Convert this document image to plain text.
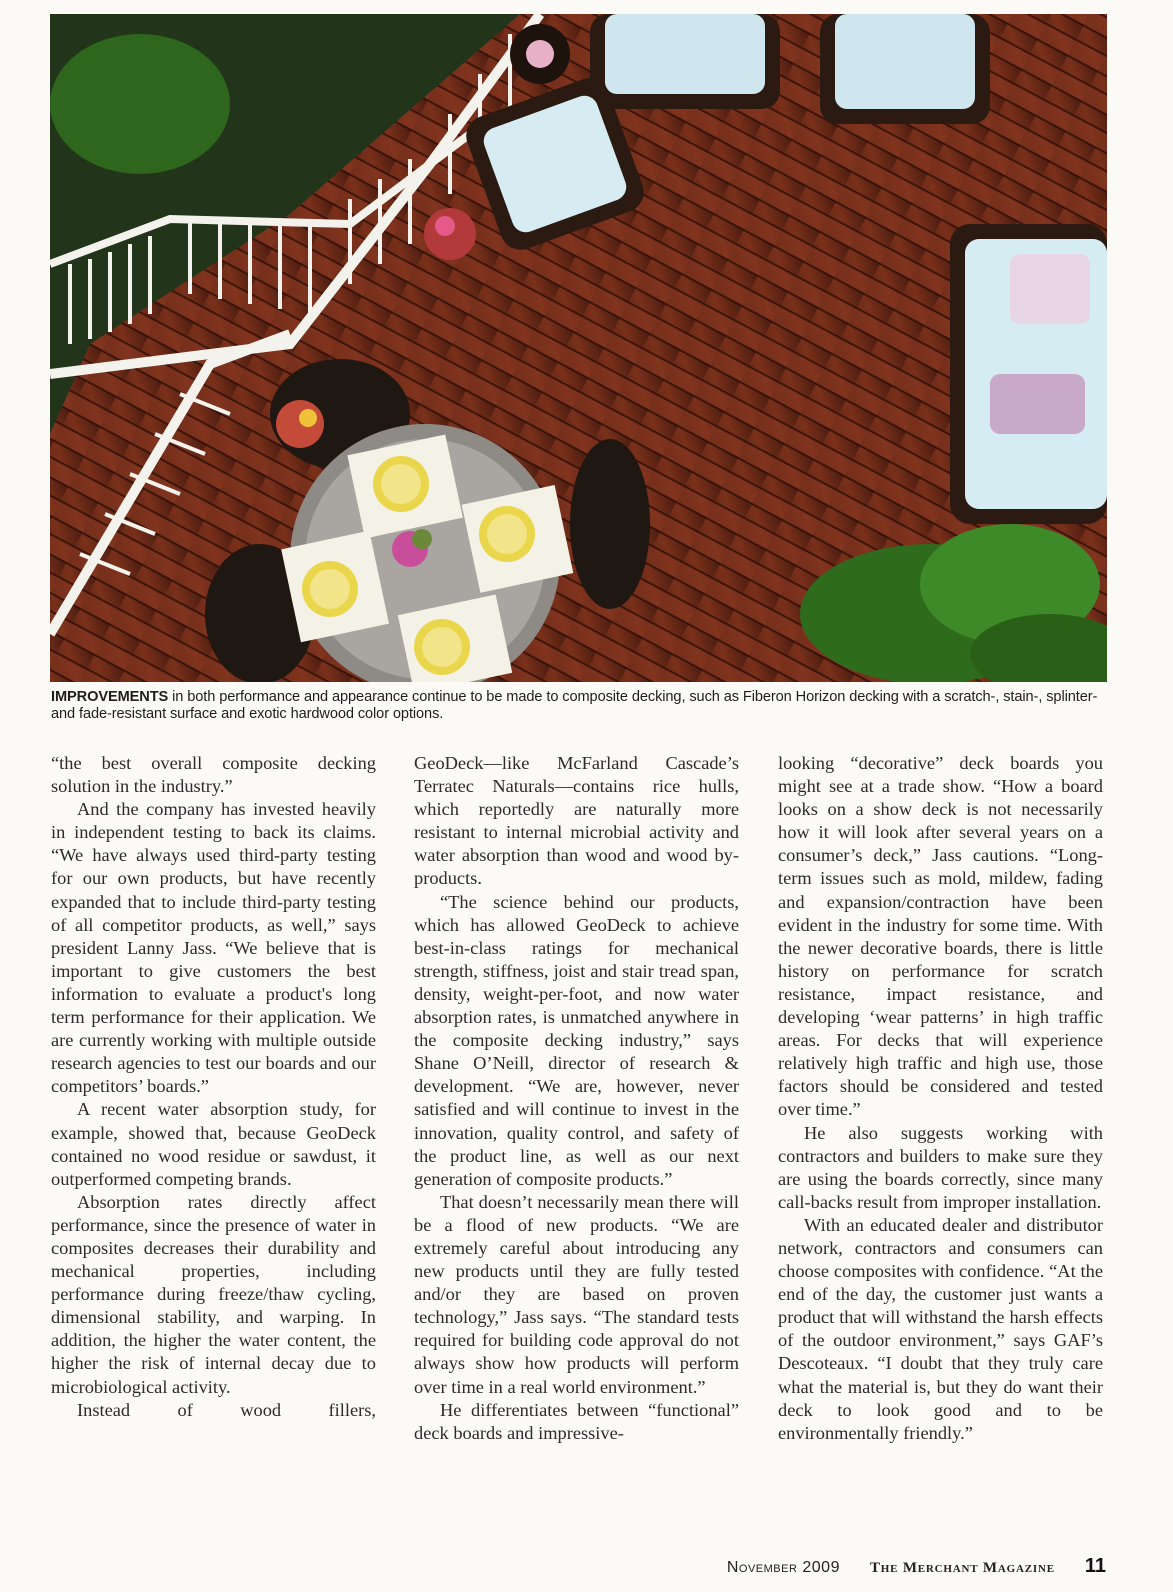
IMPROVEMENTS in both performance and appearance continue to be made to composite decking, such as Fiberon Horizon decking with a scratch-, stain-, splinter- and fade-resistant surface and exotic hardwood color options.

“the best overall composite decking solution in the industry.”

And the company has invested heavily in independent testing to back its claims. “We have always used third-party testing for our own products, but have recently expanded that to include third-party testing of all competitor products, as well,” says president Lanny Jass. “We believe that is important to give customers the best information to evaluate a product's long term performance for their application. We are currently working with multiple outside research agencies to test our boards and our competitors’ boards.”

A recent water absorption study, for example, showed that, because GeoDeck contained no wood residue or sawdust, it outperformed competing brands.

Absorption rates directly affect performance, since the presence of water in composites decreases their durability and mechanical properties, including performance during freeze/thaw cycling, dimensional stability, and warping. In addition, the higher the water content, the higher the risk of internal decay due to microbiological activity.

Instead of wood fillers,

GeoDeck—like McFarland Cascade’s Terratec Naturals—contains rice hulls, which reportedly are naturally more resistant to internal microbial activity and water absorption than wood and wood by-products.

“The science behind our products, which has allowed GeoDeck to achieve best-in-class ratings for mechanical strength, stiffness, joist and stair tread span, density, weight-per-foot, and now water absorption rates, is unmatched anywhere in the composite decking industry,” says Shane O’Neill, director of research & development. “We are, however, never satisfied and will continue to invest in the innovation, quality control, and safety of the product line, as well as our next generation of composite products.”

That doesn’t necessarily mean there will be a flood of new products. “We are extremely careful about introducing any new products until they are fully tested and/or they are based on proven technology,” Jass says. “The standard tests required for building code approval do not always show how products will perform over time in a real world environment.”

He differentiates between “functional” deck boards and impressive-

looking “decorative” deck boards you might see at a trade show. “How a board looks on a show deck is not necessarily how it will look after several years on a consumer’s deck,” Jass cautions. “Long-term issues such as mold, mildew, fading and expansion/contraction have been evident in the industry for some time. With the newer decorative boards, there is little history on performance for scratch resistance, impact resistance, and developing ‘wear patterns’ in high traffic areas. For decks that will experience relatively high traffic and high use, those factors should be considered and tested over time.”

He also suggests working with contractors and builders to make sure they are using the boards correctly, since many call-backs result from improper installation.

With an educated dealer and distributor network, contractors and consumers can choose composites with confidence. “At the end of the day, the customer just wants a product that will withstand the harsh effects of the outdoor environment,” says GAF’s Descoteaux. “I doubt that they truly care what the material is, but they do want their deck to look good and to be environmentally friendly.”

November 2009 The Merchant Magazine 11
